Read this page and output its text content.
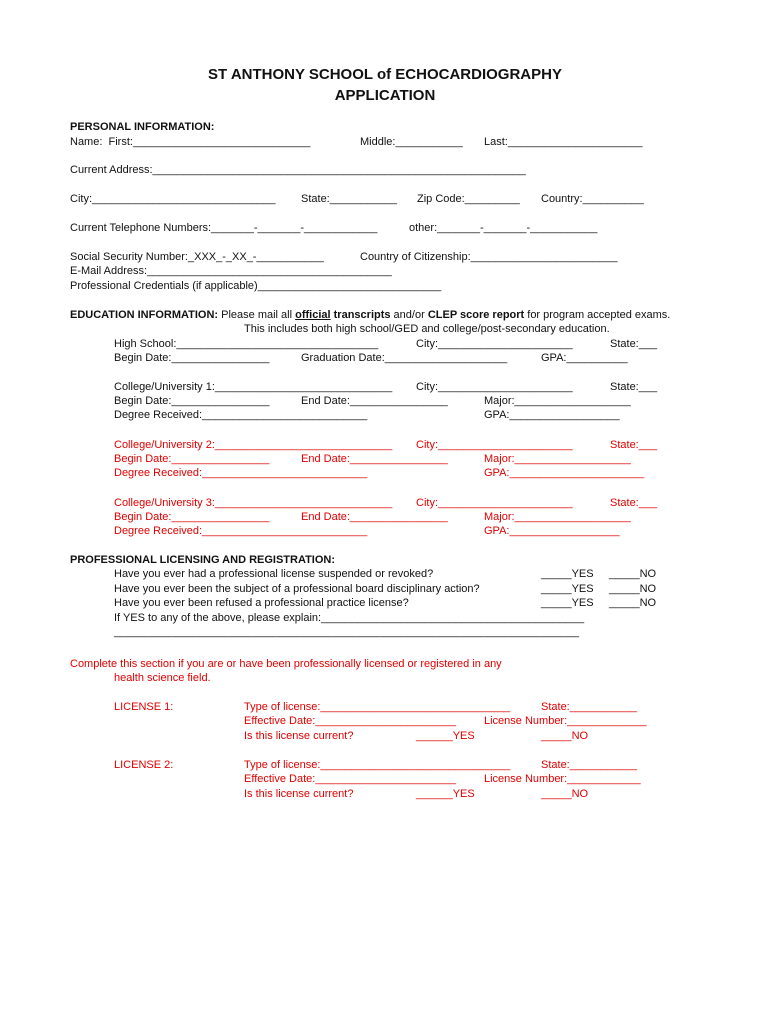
ST ANTHONY SCHOOL of ECHOCARDIOGRAPHY
APPLICATION
PERSONAL INFORMATION:
Name:  First:_____________________________	Middle:___________ Last:______________________
Current Address:_____________________________________________________________
City:______________________________ State:___________ Zip Code:_________ Country:__________
Current Telephone Numbers:_______-_______-____________	other:_______-_______-___________
Social Security Number:_XXX_-_XX_-___________	Country of Citizenship:________________________
E-Mail Address:________________________________________
Professional Credentials (if applicable)______________________________
EDUCATION INFORMATION: Please mail all official transcripts and/or CLEP score report for program accepted exams.
This includes both high school/GED and college/post-secondary education.
High School:_________________________________	City:______________________	State:___
Begin Date:________________	Graduation Date:____________________	GPA:__________
College/University 1:_____________________________ City:______________________	State:___
Begin Date:________________	End Date:________________	Major:___________________
Degree Received:___________________________	GPA:__________________
College/University 2:_____________________________ City:______________________	State:___
Begin Date:________________	End Date:________________	Major:___________________
Degree Received:___________________________	GPA:______________________
College/University 3:_____________________________ City:______________________	State:___
Begin Date:________________	End Date:________________	Major:___________________
Degree Received:___________________________	GPA:__________________
PROFESSIONAL LICENSING AND REGISTRATION:
Have you ever had a professional license suspended or revoked?	_____YES _____NO
Have you ever been the subject of a professional board disciplinary action?	_____YES _____NO
Have you ever been refused a professional practice license?	_____YES _____NO
If YES to any of the above, please explain:___________________________________________
____________________________________________________________________________
Complete this section if you are or have been professionally licensed or registered in any
health science field.
LICENSE 1:	Type of license:_______________________________	State:___________
Effective Date:_______________________	License Number:_____________
Is this license current?	______YES	_____NO
LICENSE 2:	Type of license:_______________________________	State:___________
Effective Date:_______________________	License Number:____________
Is this license current?	______YES	_____NO
